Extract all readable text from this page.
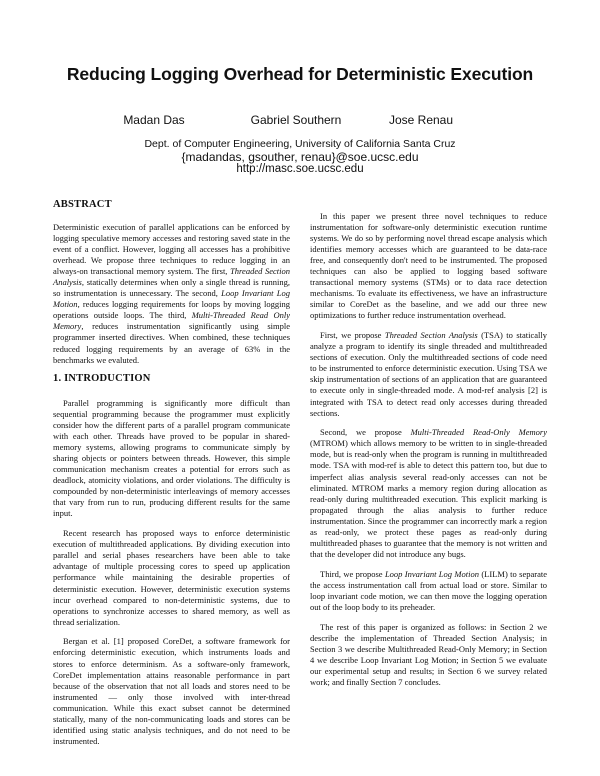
Reducing Logging Overhead for Deterministic Execution
Madan Das	Gabriel Southern	Jose Renau
Dept. of Computer Engineering, University of California Santa Cruz
{madandas, gsouther, renau}@soe.ucsc.edu
http://masc.soe.ucsc.edu
ABSTRACT

Deterministic execution of parallel applications can be enforced by logging speculative memory accesses and restoring saved state in the event of a conflict. However, logging all accesses has a prohibitive overhead. We propose three techniques to reduce logging in an always-on transactional memory system. The first, Threaded Section Analysis, statically determines when only a single thread is running, so instrumentation is unnecessary. The second, Loop Invariant Log Motion, reduces logging requirements for loops by moving logging operations outside loops. The third, Multi-Threaded Read Only Memory, reduces instrumentation significantly using simple programmer inserted directives. When combined, these techniques reduced logging requirements by an average of 63% in the benchmarks we evaluted.

1. INTRODUCTION

Parallel programming is significantly more difficult than sequential programming because the programmer must explicitly consider how the different parts of a parallel program communicate with each other. Threads have proved to be popular in shared-memory systems, allowing programs to communicate simply by sharing objects or pointers between threads. However, this simple communication mechanism creates a potential for errors such as deadlock, atomicity violations, and order violations. The difficulty is compounded by non-deterministic interleavings of memory accesses that vary from run to run, producing different results for the same input.

Recent research has proposed ways to enforce deterministic execution of multithreaded applications. By dividing execution into parallel and serial phases researchers have been able to take advantage of multiple processing cores to speed up application performance while maintaining the desirable properties of deterministic execution. However, deterministic execution systems incur overhead compared to non-deterministic systems, due to operations to synchronize accesses to shared memory, as well as thread serialization.

Bergan et al. [1] proposed CoreDet, a software framework for enforcing deterministic execution, which instruments loads and stores to enforce determinism. As a software-only framework, CoreDet implementation attains reasonable performance in part because of the observation that not all loads and stores need to be instrumented — only those involved with inter-thread communication. While this exact subset cannot be determined statically, many of the non-communicating loads and stores can be identified using static analysis techniques, and do not need to be instrumented.

In this paper we present three novel techniques to reduce instrumentation for software-only deterministic execution runtime systems. We do so by performing novel thread escape analysis which identifies memory accesses which are guaranteed to be data-race free, and consequently don't need to be instrumented. The proposed techniques can also be applied to logging based software transactional memory systems (STMs) or to data race detection mechanisms. To evaluate its effectiveness, we have an infrastructure similar to CoreDet as the baseline, and we add our three new optimizations to further reduce instrumentation overhead.

First, we propose Threaded Section Analysis (TSA) to statically analyze a program to identify its single threaded and multithreaded sections of execution. Only the multithreaded sections of code need to be instrumented to enforce deterministic execution. Using TSA we skip instrumentation of sections of an application that are guaranteed to execute only in single-threaded mode. A mod-ref analysis [2] is integrated with TSA to detect read only accesses during threaded sections.

Second, we propose Multi-Threaded Read-Only Memory (MTROM) which allows memory to be written to in single-threaded mode, but is read-only when the program is running in multithreaded mode. TSA with mod-ref is able to detect this pattern too, but due to imperfect alias analysis several read-only accesses can not be eliminated. MTROM marks a memory region during allocation as read-only during multithreaded execution. This explicit marking is propagated through the alias analysis to further reduce instrumentation. Since the programmer can incorrectly mark a region as read-only, we protect these pages as read-only during multithreaded phases to guarantee that the memory is not written and that the developer did not introduce any bugs.

Third, we propose Loop Invariant Log Motion (LILM) to separate the access instrumentation call from actual load or store. Similar to loop invariant code motion, we can then move the logging operation out of the loop body to its preheader.

The rest of this paper is organized as follows: in Section 2 we describe the implementation of Threaded Section Analysis; in Section 3 we describe Multithreaded Read-Only Memory; in Section 4 we describe Loop Invariant Log Motion; in Section 5 we evaluate our experimental setup and results; in Section 6 we survey related work; and finally Section 7 concludes.
